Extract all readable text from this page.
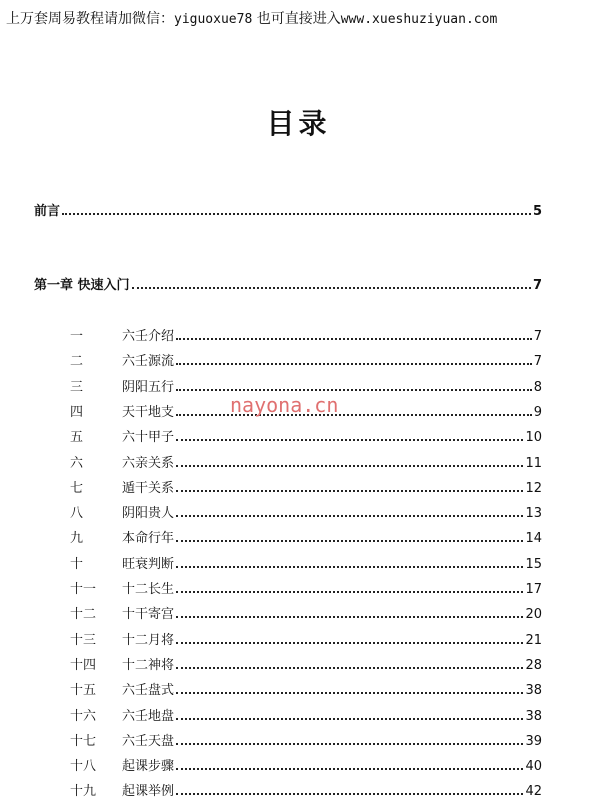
上万套周易教程请加微信：yiguoxue78 也可直接进入www.xueshuziyuan.com
目录
前言	5
第一章 快速入门	7
一	六壬介绍	7
二	六壬源流	7
三	阴阳五行	8
四	天干地支	9
五	六十甲子	10
六	六亲关系	11
七	遁干关系	12
八	阴阳贵人	13
九	本命行年	14
十	旺衰判断	15
十一	十二长生	17
十二	十干寄宫	20
十三	十二月将	21
十四	十二神将	28
十五	六壬盘式	38
十六	六壬地盘	38
十七	六壬天盘	39
十八	起课步骤	40
十九	起课举例	42
nayona.cn
